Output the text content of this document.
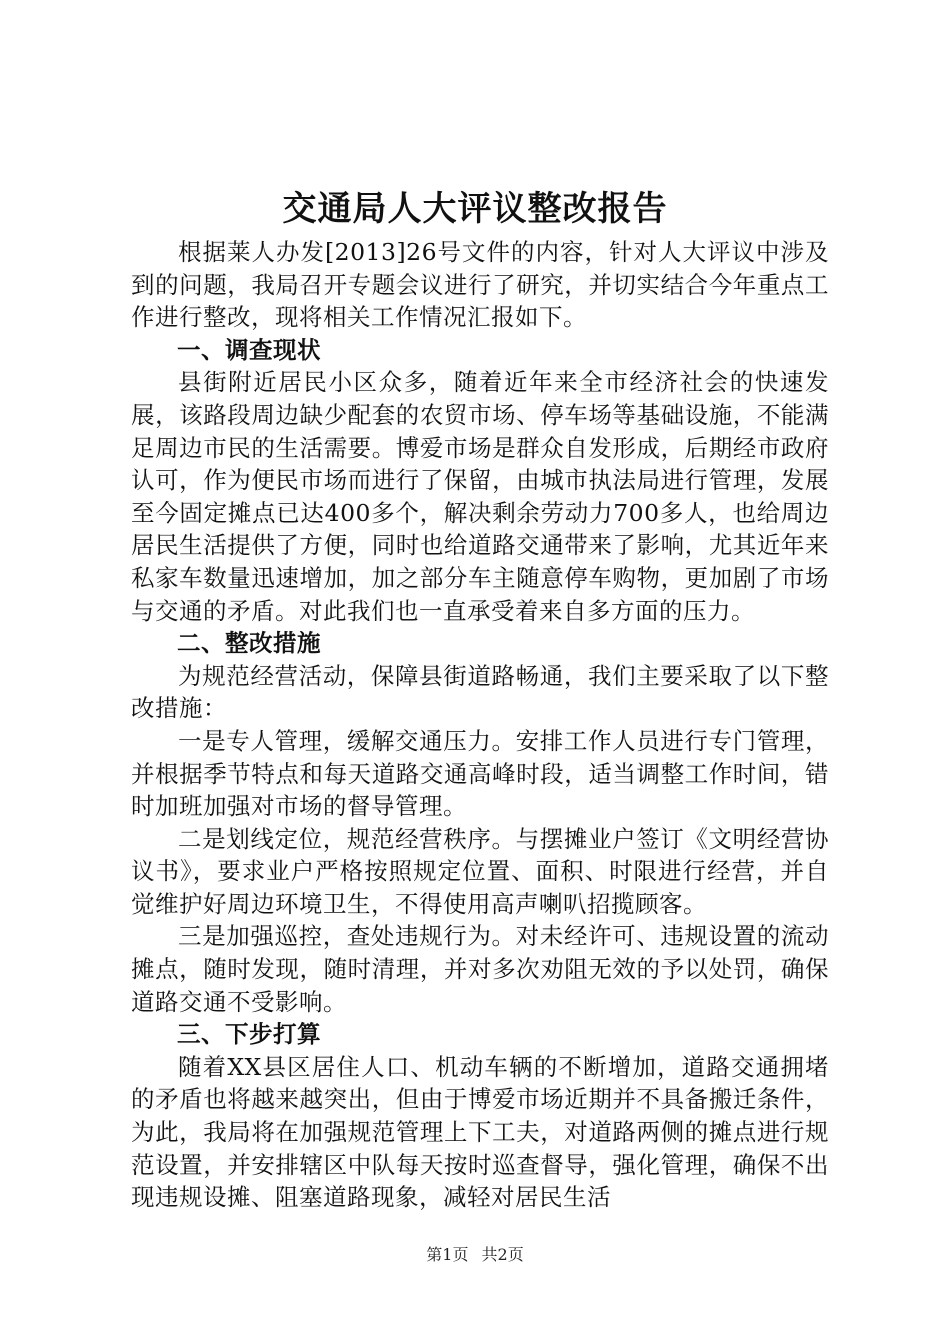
交通局人大评议整改报告

根据莱人办发[2013]26号文件的内容，针对人大评议中涉及到的问题，我局召开专题会议进行了研究，并切实结合今年重点工作进行整改，现将相关工作情况汇报如下。

一、调查现状

县街附近居民小区众多，随着近年来全市经济社会的快速发展，该路段周边缺少配套的农贸市场、停车场等基础设施，不能满足周边市民的生活需要。博爱市场是群众自发形成，后期经市政府认可，作为便民市场而进行了保留，由城市执法局进行管理，发展至今固定摊点已达400多个，解决剩余劳动力700多人，也给周边居民生活提供了方便，同时也给道路交通带来了影响，尤其近年来私家车数量迅速增加，加之部分车主随意停车购物，更加剧了市场与交通的矛盾。对此我们也一直承受着来自多方面的压力。

二、整改措施

为规范经营活动，保障县街道路畅通，我们主要采取了以下整改措施：

一是专人管理，缓解交通压力。安排工作人员进行专门管理，并根据季节特点和每天道路交通高峰时段，适当调整工作时间，错时加班加强对市场的督导管理。

二是划线定位，规范经营秩序。与摆摊业户签订《文明经营协议书》，要求业户严格按照规定位置、面积、时限进行经营，并自觉维护好周边环境卫生，不得使用高声喇叭招揽顾客。

三是加强巡控，查处违规行为。对未经许可、违规设置的流动摊点，随时发现，随时清理，并对多次劝阻无效的予以处罚，确保道路交通不受影响。

三、下步打算

随着XX县区居住人口、机动车辆的不断增加，道路交通拥堵的矛盾也将越来越突出，但由于博爱市场近期并不具备搬迁条件，为此，我局将在加强规范管理上下工夫，对道路两侧的摊点进行规范设置，并安排辖区中队每天按时巡查督导，强化管理，确保不出现违规设摊、阻塞道路现象，减轻对居民生活

第1页 共2页
